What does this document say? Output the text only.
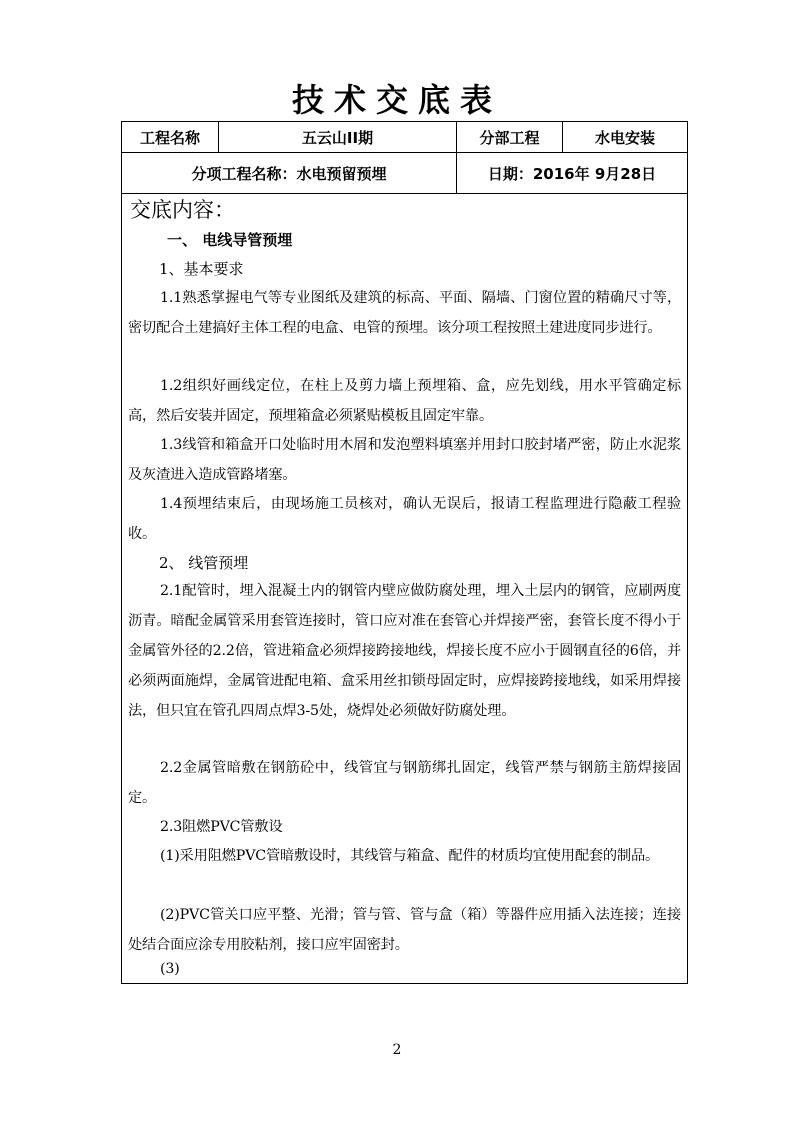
技术交底表
工程名称	五云山II期	分部工程	水电安装
分项工程名称：水电预留预埋		日期：2016年 9月28日	
交底内容：
一、 电线导管预埋
1、基本要求
1.1熟悉掌握电气等专业图纸及建筑的标高、平面、隔墙、门窗位置的精确尺寸等，密切配合土建搞好主体工程的电盒、电管的预埋。该分项工程按照土建进度同步进行。
1.2组织好画线定位，在柱上及剪力墙上预埋箱、盒，应先划线，用水平管确定标高，然后安装并固定，预埋箱盒必须紧贴模板且固定牢靠。
1.3线管和箱盒开口处临时用木屑和发泡塑料填塞并用封口胶封堵严密，防止水泥浆及灰渣进入造成管路堵塞。
1.4预埋结束后，由现场施工员核对，确认无误后，报请工程监理进行隐蔽工程验收。
2、 线管预埋
2.1配管时，埋入混凝土内的钢管内壁应做防腐处理，埋入土层内的钢管，应刷两度沥青。暗配金属管采用套管连接时，管口应对准在套管心并焊接严密，套管长度不得小于金属管外径的2.2倍，管进箱盒必须焊接跨接地线，焊接长度不应小于圆钢直径的6倍，并必须两面施焊，金属管进配电箱、盒采用丝扣锁母固定时，应焊接跨接地线，如采用焊接法，但只宜在管孔四周点焊3-5处，烧焊处必须做好防腐处理。
2.2金属管暗敷在钢筋砼中，线管宜与钢筋绑扎固定，线管严禁与钢筋主筋焊接固定。
2.3阻燃PVC管敷设
(1)采用阻燃PVC管暗敷设时，其线管与箱盒、配件的材质均宜使用配套的制品。
(2)PVC管关口应平整、光滑；管与管、管与盒（箱）等器件应用插入法连接；连接处结合面应涂专用胶粘剂，接口应牢固密封。
(3)
2
